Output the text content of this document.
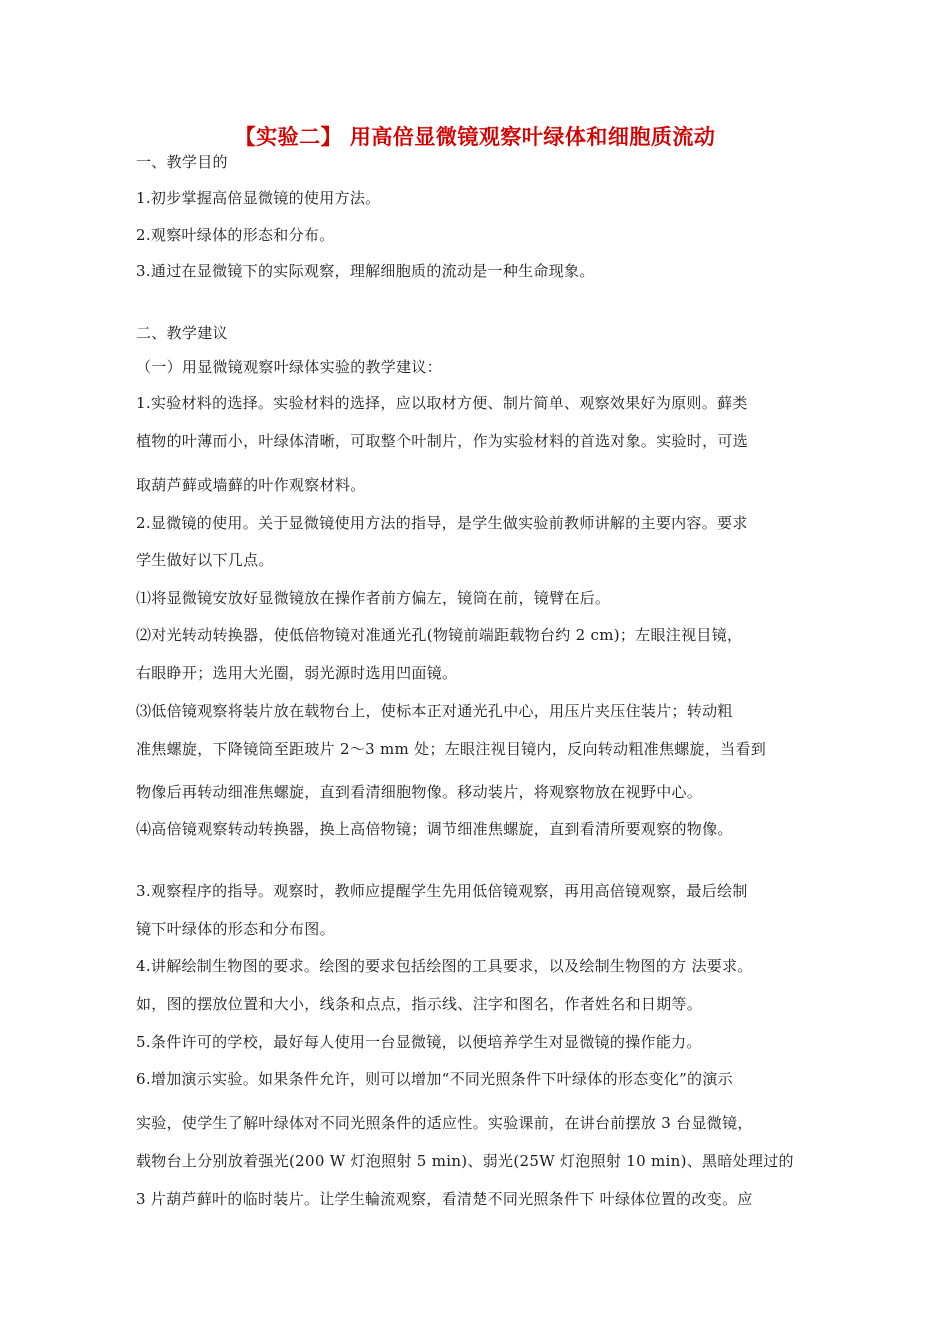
【实验二】 用高倍显微镜观察叶绿体和细胞质流动
一、教学目的
1.初步掌握高倍显微镜的使用方法。
2.观察叶绿体的形态和分布。
3.通过在显微镜下的实际观察，理解细胞质的流动是一种生命现象。
二、教学建议
（一）用显微镜观察叶绿体实验的教学建议：
1.实验材料的选择。实验材料的选择，应以取材方便、制片简单、观察效果好为原则。藓类
植物的叶薄而小，叶绿体清晰，可取整个叶制片，作为实验材料的首选对象。实验时，可选
取葫芦藓或墙藓的叶作观察材料。
2.显微镜的使用。关于显微镜使用方法的指导，是学生做实验前教师讲解的主要内容。要求
学生做好以下几点。
⑴将显微镜安放好显微镜放在操作者前方偏左，镜筒在前，镜臂在后。
⑵对光转动转换器，使低倍物镜对准通光孔(物镜前端距载物台约 2 cm)；左眼注视目镜，
右眼睁开；选用大光圈，弱光源时选用凹面镜。
⑶低倍镜观察将装片放在载物台上，使标本正对通光孔中心，用压片夹压住装片；转动粗
准焦螺旋，下降镜筒至距玻片 2～3 mm 处；左眼注视目镜内，反向转动粗准焦螺旋，当看到
物像后再转动细准焦螺旋，直到看清细胞物像。移动装片，将观察物放在视野中心。
⑷高倍镜观察转动转换器，换上高倍物镜；调节细准焦螺旋，直到看清所要观察的物像。
3.观察程序的指导。观察时，教师应提醒学生先用低倍镜观察，再用高倍镜观察，最后绘制
镜下叶绿体的形态和分布图。
4.讲解绘制生物图的要求。绘图的要求包括绘图的工具要求，以及绘制生物图的方 法要求。
如，图的摆放位置和大小，线条和点点，指示线、注字和图名，作者姓名和日期等。
5.条件许可的学校，最好每人使用一台显微镜，以便培养学生对显微镜的操作能力。
6.增加演示实验。如果条件允许，则可以增加“不同光照条件下叶绿体的形态变化”的演示
实验，使学生了解叶绿体对不同光照条件的适应性。实验课前，在讲台前摆放 3 台显微镜，
载物台上分别放着强光(200 W 灯泡照射 5 min)、弱光(25W 灯泡照射 10 min)、黑暗处理过的
3 片葫芦藓叶的临时装片。让学生輪流观察，看清楚不同光照条件下 叶绿体位置的改变。应
